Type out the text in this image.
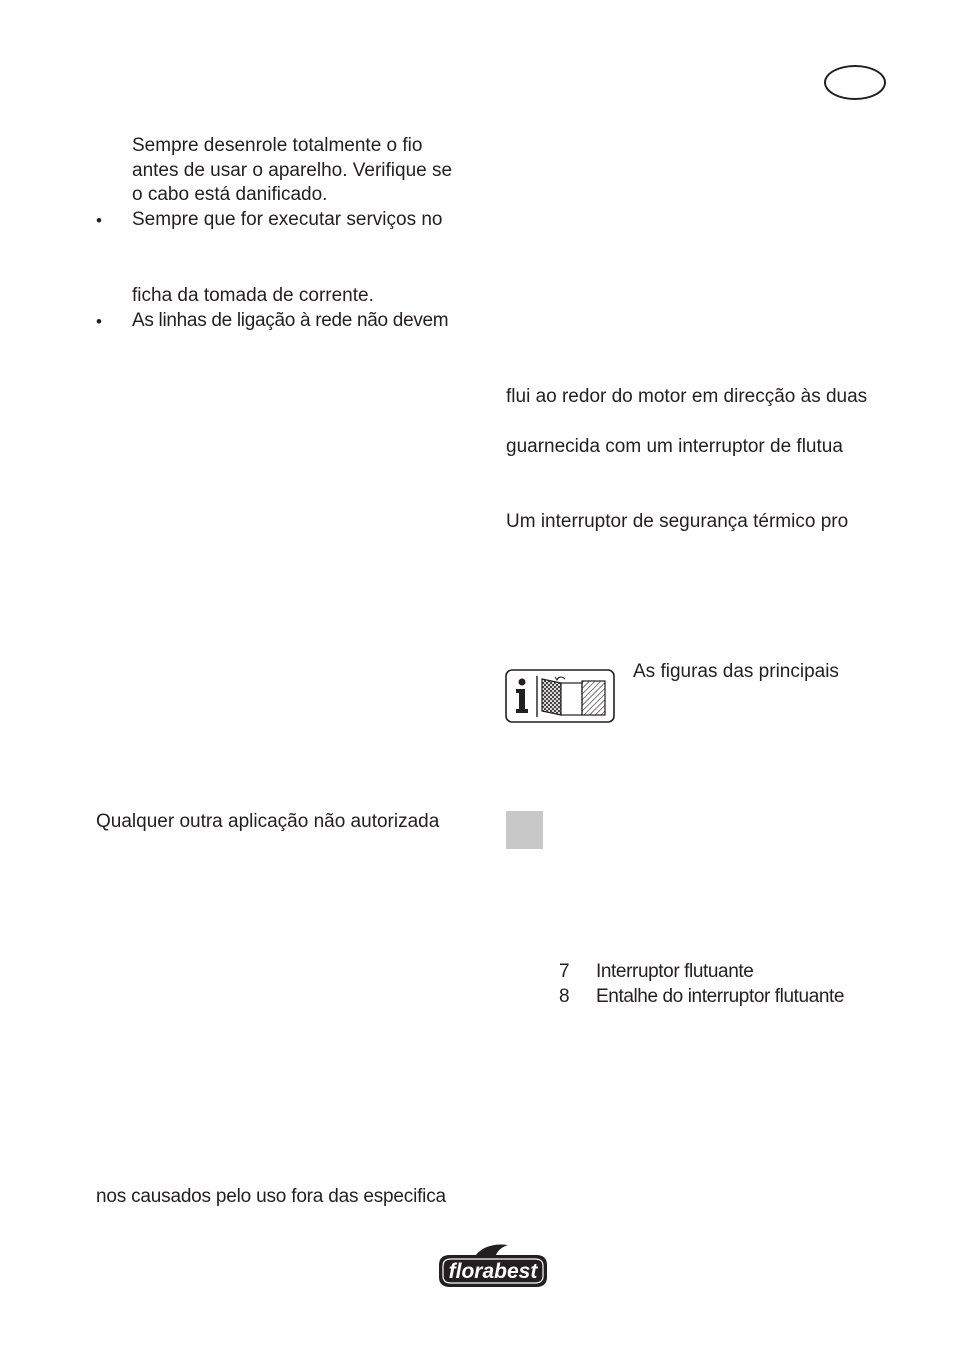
Sempre desenrole totalmente o fio
antes de usar o aparelho. Verifique se
o cabo está danificado.
• Sempre que for executar serviços no
ficha da tomada de corrente.
• As linhas de ligação à rede não devem
Qualquer outra aplicação não autorizada
nos causados pelo uso fora das especifica
flui ao redor do motor em direcção às duas
guarnecida com um interruptor de flutua
Um interruptor de segurança térmico pro
As figuras das principais
7 Interruptor flutuante
8 Entalhe do interruptor flutuante
florabest
